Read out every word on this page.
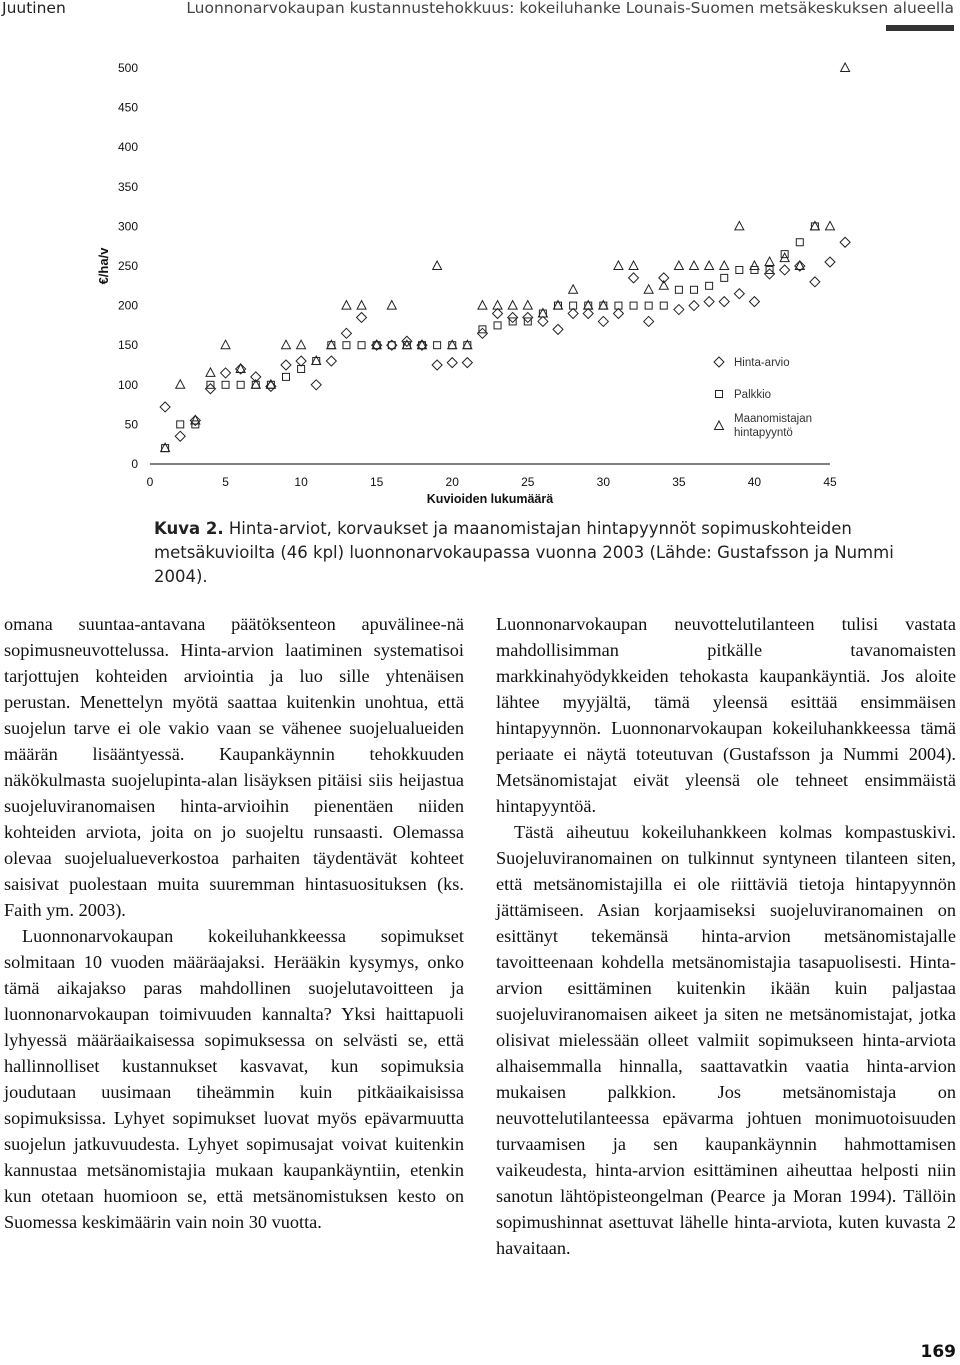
Juutinen	Luonnonarvokaupan kustannustehokkuus: kokeiluhanke Lounais-Suomen metsäkeskuksen alueella
0
50
100
150
200
250
300
350
400
450
500
0	5	10	15	20	25	30	35	40	45
Kuvioiden lukumäärä
€/ha/v
Hinta-arvio
Palkkio
Maanomistajan hintapyyntö
Kuva 2. Hinta-arviot, korvaukset ja maanomistajan hintapyynnöt sopimuskohteiden metsäkuvioilta (46 kpl) luonnonarvokaupassa vuonna 2003 (Lähde: Gustafsson ja Nummi 2004).

omana suuntaa-antavana päätöksenteon apuvälinee-nä sopimusneuvottelussa. Hinta-arvion laatiminen systematisoi tarjottujen kohteiden arviointia ja luo sille yhtenäisen perustan. Menettelyn myötä saattaa kuitenkin unohtua, että suojelun tarve ei ole vakio vaan se vähenee suojelualueiden määrän lisääntyessä. Kaupankäynnin tehokkuuden näkökulmasta suojelupinta-alan lisäyksen pitäisi siis heijastua suojeluviranomaisen hinta-arvioihin pienentäen niiden kohteiden arviota, joita on jo suojeltu runsaasti. Olemassa olevaa suojelualueverkostoa parhaiten täydentävät kohteet saisivat puolestaan muita suuremman hintasuosituksen (ks. Faith ym. 2003).

Luonnonarvokaupan kokeiluhankkeessa sopimukset solmitaan 10 vuoden määräajaksi. Herääkin kysymys, onko tämä aikajakso paras mahdollinen suojelutavoitteen ja luonnonarvokaupan toimivuuden kannalta? Yksi haittapuoli lyhyessä määräaikaisessa sopimuksessa on selvästi se, että hallinnolliset kustannukset kasvavat, kun sopimuksia joudutaan uusimaan tiheämmin kuin pitkäaikaisissa sopimuksissa. Lyhyet sopimukset luovat myös epävarmuutta suojelun jatkuvuudesta. Lyhyet sopimusajat voivat kuitenkin kannustaa metsänomistajia mukaan kaupankäyntiin, etenkin kun otetaan huomioon se, että metsänomistuksen kesto on Suomessa keskimäärin vain noin 30 vuotta.

Luonnonarvokaupan neuvottelutilanteen tulisi vastata mahdollisimman pitkälle tavanomaisten markkinahyödykkeiden tehokasta kaupankäyntiä. Jos aloite lähtee myyjältä, tämä yleensä esittää ensimmäisen hintapyynnön. Luonnonarvokaupan kokeiluhankkeessa tämä periaate ei näytä toteutuvan (Gustafsson ja Nummi 2004). Metsänomistajat eivät yleensä ole tehneet ensimmäistä hintapyyntöä.

Tästä aiheutuu kokeiluhankkeen kolmas kompastuskivi. Suojeluviranomainen on tulkinnut syntyneen tilanteen siten, että metsänomistajilla ei ole riittäviä tietoja hintapyynnön jättämiseen. Asian korjaamiseksi suojeluviranomainen on esittänyt tekemänsä hinta-arvion metsänomistajalle tavoitteenaan kohdella metsänomistajia tasapuolisesti. Hinta-arvion esittäminen kuitenkin ikään kuin paljastaa suojeluviranomaisen aikeet ja siten ne metsänomistajat, jotka olisivat mielessään olleet valmiit sopimukseen hinta-arviota alhaisemmalla hinnalla, saattavatkin vaatia hinta-arvion mukaisen palkkion. Jos metsänomistaja on neuvottelutilanteessa epävarma johtuen monimuotoisuuden turvaamisen ja sen kaupankäynnin hahmottamisen vaikeudesta, hinta-arvion esittäminen aiheuttaa helposti niin sanotun lähtöpisteongelman (Pearce ja Moran 1994). Tällöin sopimushinnat asettuvat lähelle hinta-arviota, kuten kuvasta 2 havaitaan.

169
